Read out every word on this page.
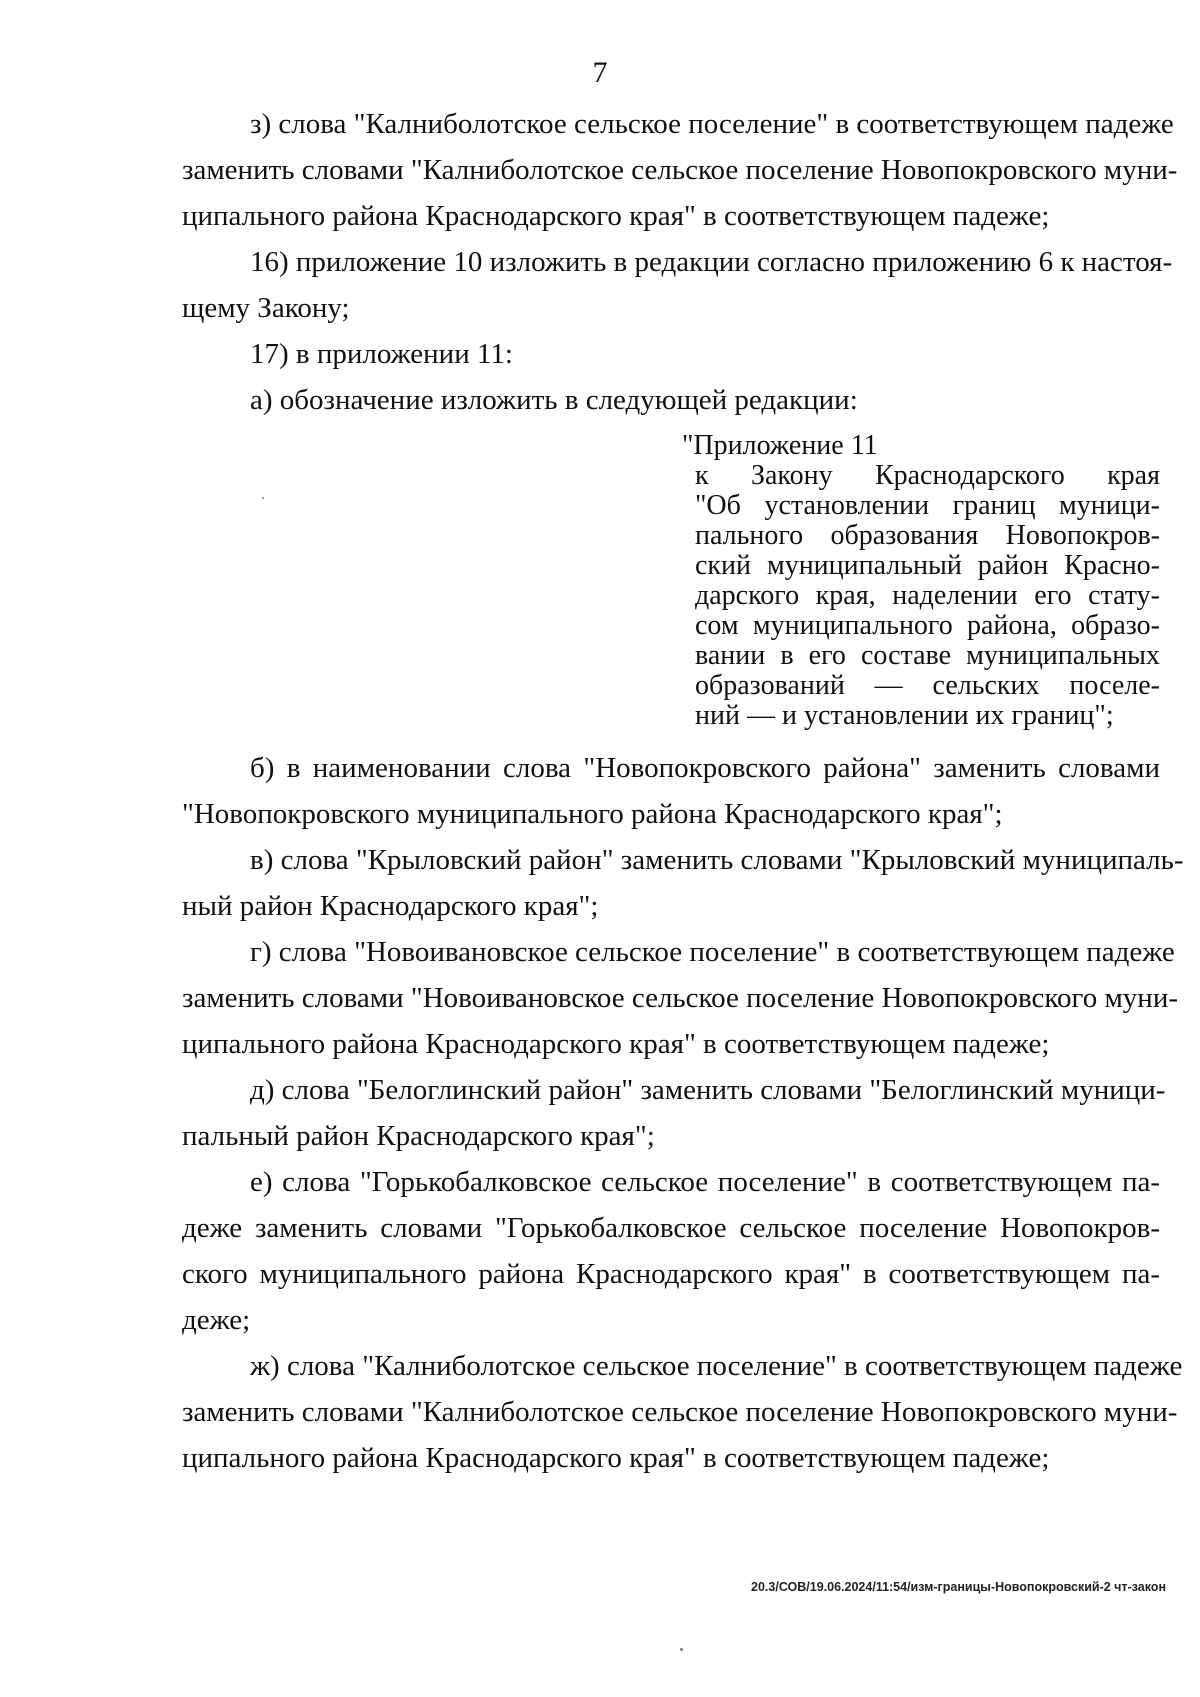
7
з) слова "Калниболотское сельское поселение" в соответствующем падеже
заменить словами "Калниболотское сельское поселение Новопокровского муни-
ципального района Краснодарского края" в соответствующем падеже;
16) приложение 10 изложить в редакции согласно приложению 6 к настоя-
щему Закону;
17) в приложении 11:
а) обозначение изложить в следующей редакции:
"Приложение 11
к Закону Краснодарского края
"Об установлении границ муници-
пального образования Новопокров-
ский муниципальный район Красно-
дарского края, наделении его стату-
сом муниципального района, образо-
вании в его составе муниципальных
образований — сельских поселе-
ний — и установлении их границ";
б) в наименовании слова "Новопокровского района" заменить словами
"Новопокровского муниципального района Краснодарского края";
в) слова "Крыловский район" заменить словами "Крыловский муниципаль-
ный район Краснодарского края";
г) слова "Новоивановское сельское поселение" в соответствующем падеже
заменить словами "Новоивановское сельское поселение Новопокровского муни-
ципального района Краснодарского края" в соответствующем падеже;
д) слова "Белоглинский район" заменить словами "Белоглинский муници-
пальный район Краснодарского края";
е) слова "Горькобалковское сельское поселение" в соответствующем па-
деже заменить словами "Горькобалковское сельское поселение Новопокров-
ского муниципального района Краснодарского края" в соответствующем па-
деже;
ж) слова "Калниболотское сельское поселение" в соответствующем падеже
заменить словами "Калниболотское сельское поселение Новопокровского муни-
ципального района Краснодарского края" в соответствующем падеже;
20.3/СОВ/19.06.2024/11:54/изм-границы-Новопокровский-2 чт-закон
